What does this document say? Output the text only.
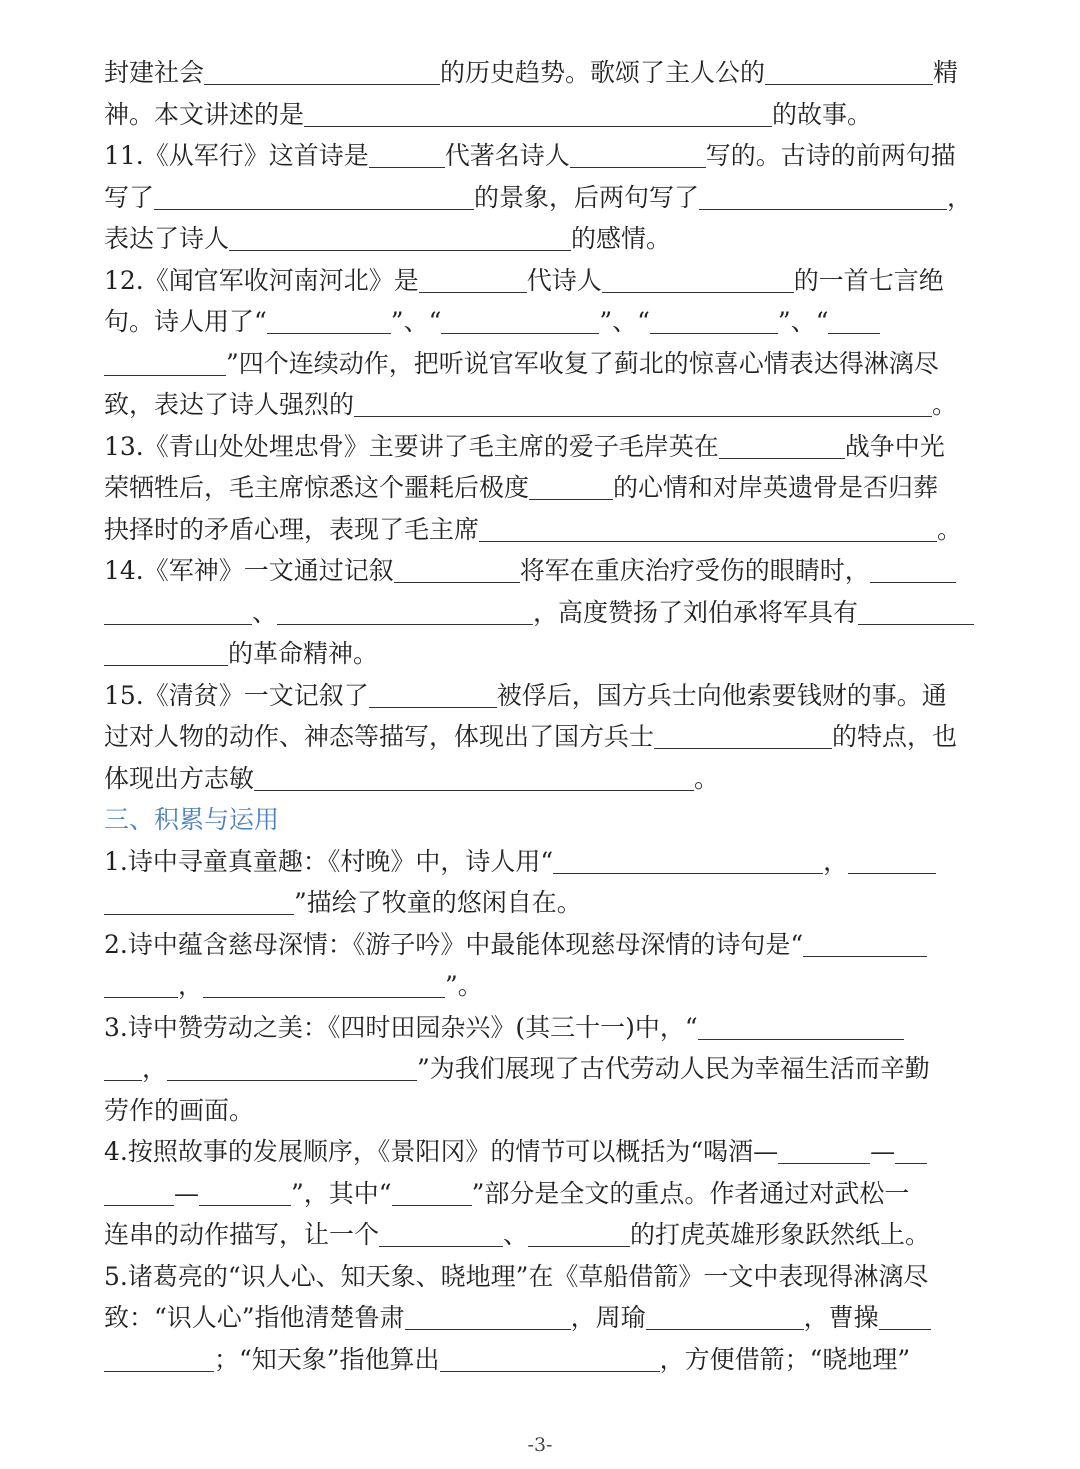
封建社会	的历史趋势。歌颂了主人公的	精
神。本文讲述的是	的故事。
11.《从军行》这首诗是	代著名诗人	写的。古诗的前两句描
写了	的景象，后两句写了	，
表达了诗人	的感情。
12.《闻官军收河南河北》是	代诗人	的一首七言绝
句。诗人用了“	”、“	”、“	”、“
”四个连续动作，把听说官军收复了蓟北的惊喜心情表达得淋漓尽
致，表达了诗人强烈的	。
13.《青山处处埋忠骨》主要讲了毛主席的爱子毛岸英在	战争中光
荣牺牲后，毛主席惊悉这个噩耗后极度	的心情和对岸英遗骨是否归葬
抉择时的矛盾心理，表现了毛主席	。
14.《军神》一文通过记叙	将军在重庆治疗受伤的眼睛时，
、	，高度赞扬了刘伯承将军具有
的革命精神。
15.《清贫》一文记叙了	被俘后，国方兵士向他索要钱财的事。通
过对人物的动作、神态等描写，体现出了国方兵士	的特点，也
体现出方志敏	。
三、积累与运用
1.诗中寻童真童趣：《村晚》中，诗人用“	，
”描绘了牧童的悠闲自在。
2.诗中蕴含慈母深情：《游子吟》中最能体现慈母深情的诗句是“
，	”。
3.诗中赞劳动之美：《四时田园杂兴》(其三十一)中，“
，	”为我们展现了古代劳动人民为幸福生活而辛勤
劳作的画面。
4.按照故事的发展顺序，《景阳冈》的情节可以概括为“喝酒—	—
—	”，其中“	”部分是全文的重点。作者通过对武松一
连串的动作描写，让一个	、	的打虎英雄形象跃然纸上。
5.诸葛亮的“识人心、知天象、晓地理”在《草船借箭》一文中表现得淋漓尽
致：“识人心”指他清楚鲁肃	，周瑜	，曹操
；“知天象”指他算出	，方便借箭；“晓地理”
-3-
